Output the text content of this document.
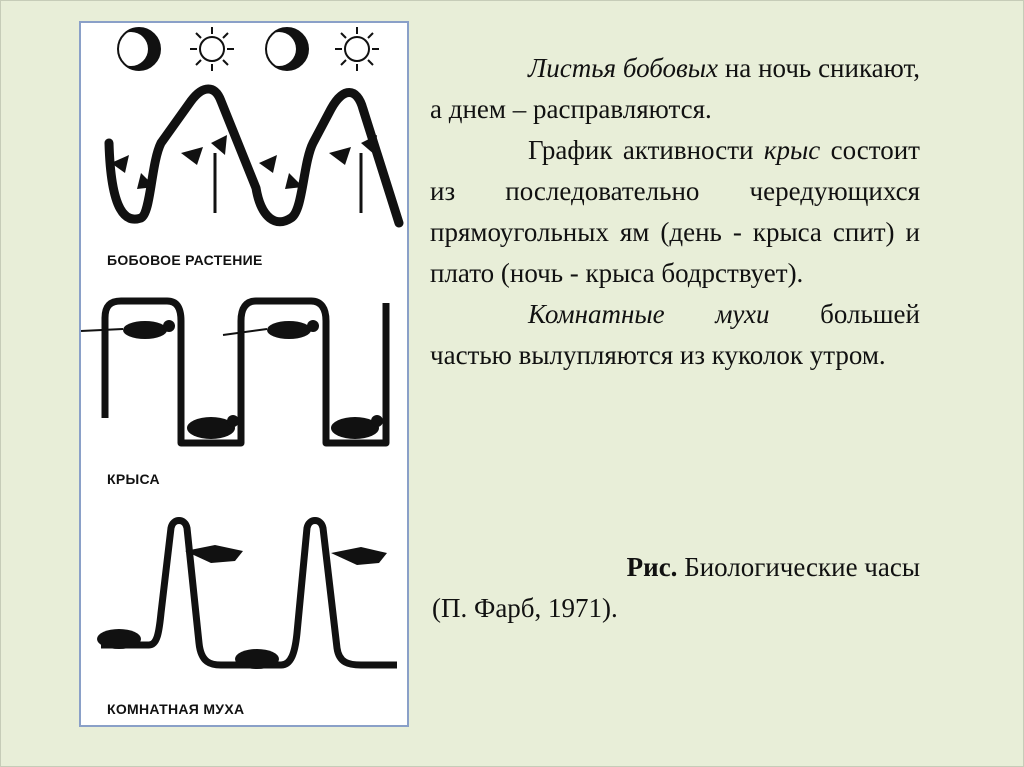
БОБОВОЕ РАСТЕНИЕ
КРЫСА
КОМНАТНАЯ МУХА

Листья бобовых на ночь сникают, а днем – расправляются.

График активности крыс состоит из последовательно чередующихся прямоугольных ям (день - крыса спит) и плато (ночь - крыса бодрствует).

Комнатные мухи большей частью вылупляются из куколок утром.

Рис. Биологические часы
(П. Фарб, 1971).
